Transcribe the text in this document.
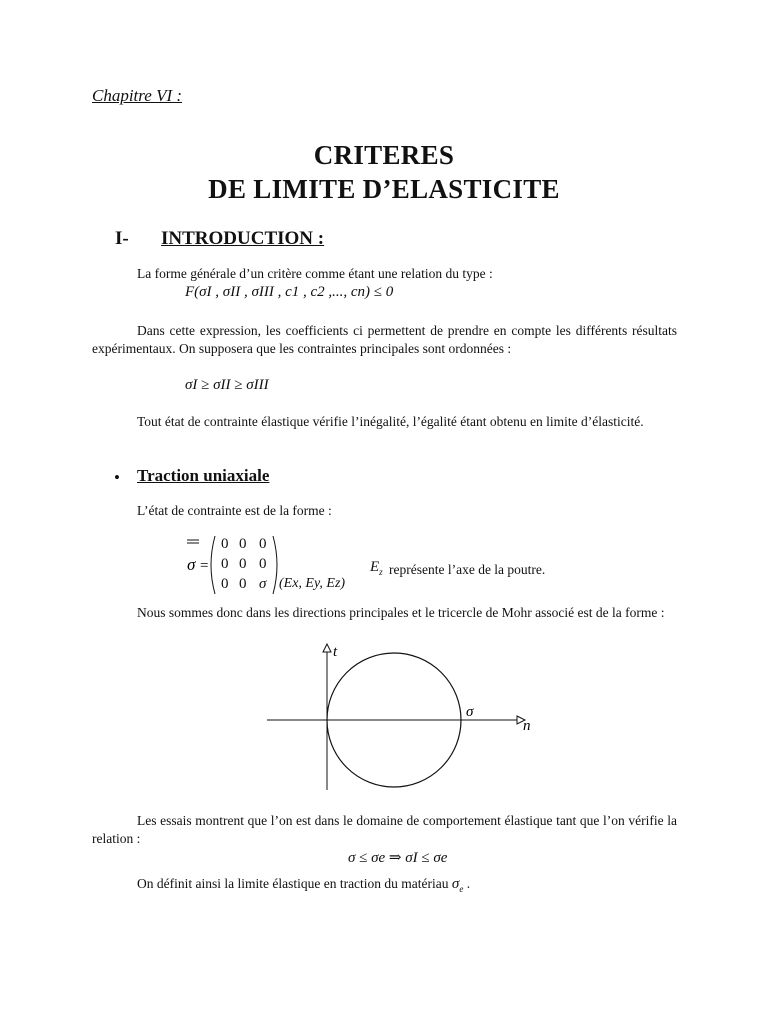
Chapitre VI :
CRITERES
DE LIMITE D’ELASTICITE
I- INTRODUCTION :
La forme générale d’un critère comme étant une relation du type :
F(σI , σII , σIII , c1 , c2 ,..., cn) ≤ 0
Dans cette expression, les coefficients ci permettent de prendre en compte les différents résultats expérimentaux. On supposera que les contraintes principales sont ordonnées :
σI ≥ σII ≥ σIII
Tout état de contrainte élastique vérifie l’inégalité, l’égalité étant obtenu en limite d’élasticité.
• Traction uniaxiale
L’état de contrainte est de la forme :
σ =
0 0 0
0 0 0
0 0 σ (Ex, Ey, Ez)
$E_z$ représente l’axe de la poutre.
Nous sommes donc dans les directions principales et le tricercle de Mohr associé est de la forme :
t
n
σ
Les essais montrent que l’on est dans le domaine de comportement élastique tant que l’on vérifie la relation :
σ ≤ σe ⇒ σI ≤ σe
On définit ainsi la limite élastique en traction du matériau $\sigma_e$ .
